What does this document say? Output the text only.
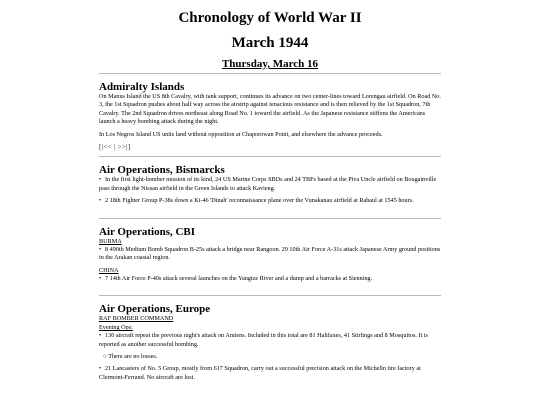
Chronology of World War II
March 1944
Thursday, March 16
Admiralty Islands

On Manus Island the US 8th Cavalry, with tank support, continues its advance on two center-lines toward Lorengau airfield. On Road No. 3, the 1st Squadron pushes about half way across the airstrip against tenacious resistance and is then relieved by the 1st Squadron, 7th Cavalry. The 2nd Squadron drives northeast along Road No. 1 toward the airfield. As the Japanese resistance stiffens the Americans launch a heavy bombing attack during the night.

In Los Negros Island US units land without opposition at Chaporowan Point, and elsewhere the advance proceeds.

[|<< | >>|]
Air Operations, Bismarcks

• In the first light-bomber mission of its kind, 24 US Marine Corps SBDs and 24 TBFs based at the Piva Uncle airfield on Bougainville pass through the Nissan airfield in the Green Islands to attack Kavieng.

• 2 18th Fighter Group P-38s down a Ki-46 'Dinah' reconnaissance plane over the Vunakanau airfield at Rabaul at 1545 hours.

Air Operations, CBI
BURMA

• 8 490th Medium Bomb Squadron B-25s attack a bridge near Rangoon. 29 10th Air Force A-31s attack Japanese Army ground positions in the Arakan coastal region.

CHINA

• 7 14th Air Force P-40s attack several launches on the Yangtze River and a dump and a barracks at Sienning.

Air Operations, Europe
RAF BOMBER COMMAND
Evening Ops:

• 130 aircraft repeat the previous night's attack on Amiens. Included in this total are 81 Halifaxes, 41 Stirlings and 8 Mosquitos. It is reported as another successful bombing.

○ There are no losses.

• 21 Lancasters of No. 5 Group, mostly from 617 Squadron, carry out a successful precision attack on the Michelin tire factory at Clermont-Ferrand. No aircraft are lost.
